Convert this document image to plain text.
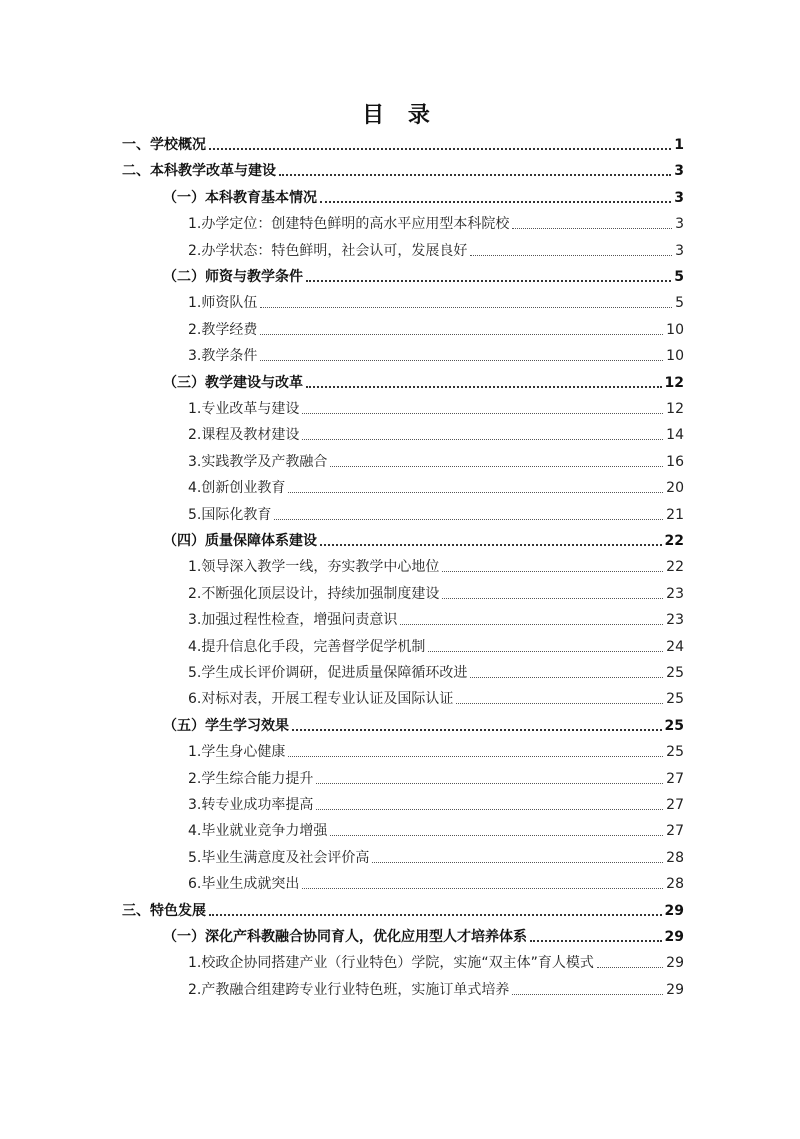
目 录
一、学校概况	1
二、本科教学改革与建设	3
（一）本科教育基本情况	3
1.办学定位：创建特色鲜明的高水平应用型本科院校	3
2.办学状态：特色鲜明，社会认可，发展良好	3
（二）师资与教学条件	5
1.师资队伍	5
2.教学经费	10
3.教学条件	10
（三）教学建设与改革	12
1.专业改革与建设	12
2.课程及教材建设	14
3.实践教学及产教融合	16
4.创新创业教育	20
5.国际化教育	21
（四）质量保障体系建设	22
1.领导深入教学一线，夯实教学中心地位	22
2.不断强化顶层设计，持续加强制度建设	23
3.加强过程性检查，增强问责意识	23
4.提升信息化手段，完善督学促学机制	24
5.学生成长评价调研，促进质量保障循环改进	25
6.对标对表，开展工程专业认证及国际认证	25
（五）学生学习效果	25
1.学生身心健康	25
2.学生综合能力提升	27
3.转专业成功率提高	27
4.毕业就业竞争力增强	27
5.毕业生满意度及社会评价高	28
6.毕业生成就突出	28
三、特色发展	29
（一）深化产科教融合协同育人，优化应用型人才培养体系	29
1.校政企协同搭建产业（行业特色）学院，实施“双主体”育人模式	29
2.产教融合组建跨专业行业特色班，实施订单式培养	29
